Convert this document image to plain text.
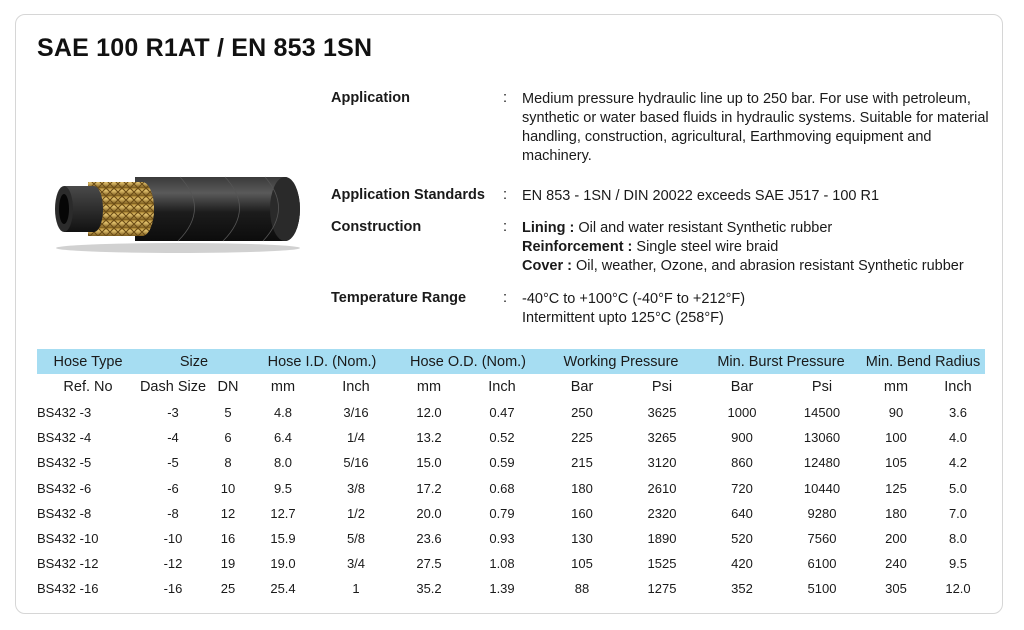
SAE 100 R1AT / EN 853 1SN
Application	: Medium pressure hydraulic line up to 250 bar. For use with petroleum,
synthetic or water based fluids in hydraulic systems. Suitable for material
handling, construction, agricultural, Earthmoving equipment and
machinery.
Application Standards : EN 853 - 1SN / DIN 20022 exceeds SAE J517 - 100 R1
Construction	: Lining : Oil and water resistant Synthetic rubber
Reinforcement : Single steel wire braid
Cover : Oil, weather, Ozone, and abrasion resistant Synthetic rubber
Temperature Range	: -40°C to +100°C (-40°F to +212°F)
Intermittent upto 125°C (258°F)
Hose Type	Size		Hose I.D. (Nom.)		Hose O.D. (Nom.)		Working Pressure		Min. Burst Pressure		Min. Bend Radius	
Ref. No	Dash Size	DN	mm	Inch	mm	Inch	Bar	Psi	Bar	Psi	mm	Inch
BS432 -3	-3	5	4.8	3/16	12.0	0.47	250	3625	1000	14500	90	3.6
BS432 -4	-4	6	6.4	1/4	13.2	0.52	225	3265	900	13060	100	4.0
BS432 -5	-5	8	8.0	5/16	15.0	0.59	215	3120	860	12480	105	4.2
BS432 -6	-6	10	9.5	3/8	17.2	0.68	180	2610	720	10440	125	5.0
BS432 -8	-8	12	12.7	1/2	20.0	0.79	160	2320	640	9280	180	7.0
BS432 -10	-10	16	15.9	5/8	23.6	0.93	130	1890	520	7560	200	8.0
BS432 -12	-12	19	19.0	3/4	27.5	1.08	105	1525	420	6100	240	9.5
BS432 -16	-16	25	25.4	1	35.2	1.39	88	1275	352	5100	305	12.0
